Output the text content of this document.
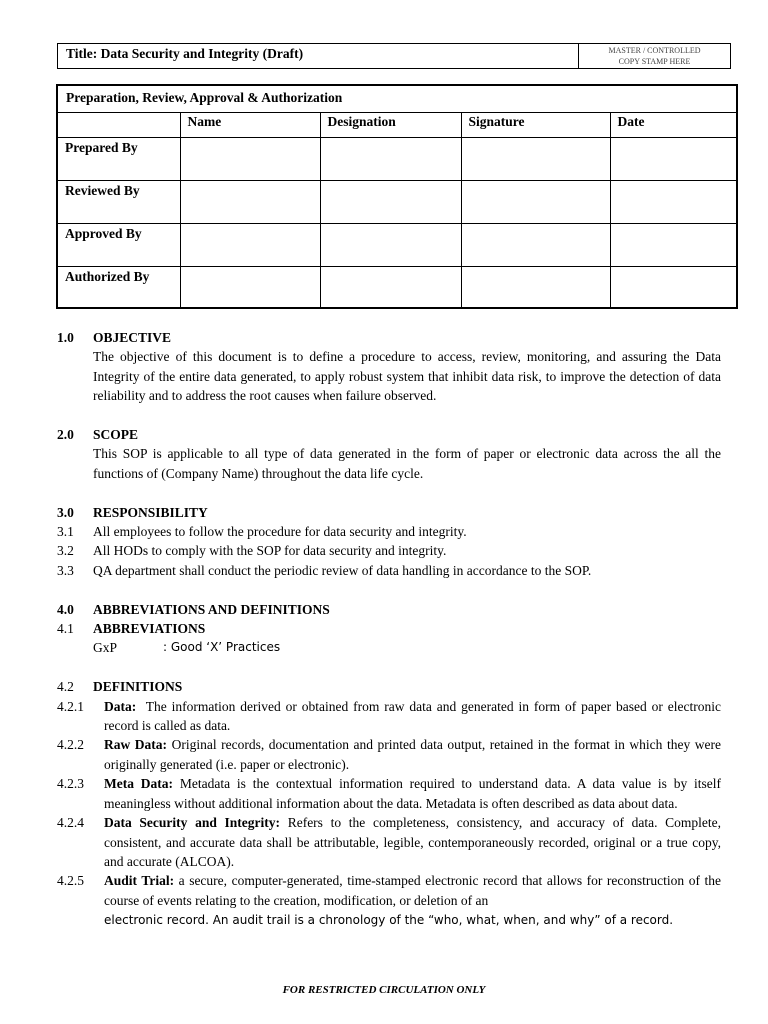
Title: Data Security and Integrity (Draft)	MASTER / CONTROLLED
COPY STAMP HERE
Preparation, Review, Approval & Authorization
	Name	Designation	Signature	Date
Prepared By				
Reviewed By				
Approved By				
Authorized By				
1.0	OBJECTIVE
The objective of this document is to define a procedure to access, review, monitoring, and assuring the Data Integrity of the entire data generated, to apply robust system that inhibit data risk, to improve the detection of data reliability and to address the root causes when failure observed.
2.0	SCOPE
This SOP is applicable to all type of data generated in the form of paper or electronic data across the all the functions of (Company Name) throughout the data life cycle.
3.0	RESPONSIBILITY
3.1	All employees to follow the procedure for data security and integrity.
3.2	All HODs to comply with the SOP for data security and integrity.
3.3	QA department shall conduct the periodic review of data handling in accordance to the SOP.
4.0	ABBREVIATIONS AND DEFINITIONS
4.1	ABBREVIATIONS
GxP	: Good ‘X’ Practices
4.2	DEFINITIONS
4.2.1	Data: The information derived or obtained from raw data and generated in form of paper based or electronic record is called as data.
4.2.2	Raw Data: Original records, documentation and printed data output, retained in the format in which they were originally generated (i.e. paper or electronic).
4.2.3	Meta Data: Metadata is the contextual information required to understand data. A data value is by itself meaningless without additional information about the data. Metadata is often described as data about data.
4.2.4	Data Security and Integrity: Refers to the completeness, consistency, and accuracy of data. Complete, consistent, and accurate data shall be attributable, legible, contemporaneously recorded, original or a true copy, and accurate (ALCOA).
4.2.5	Audit Trial: a secure, computer-generated, time-stamped electronic record that allows for reconstruction of the course of events relating to the creation, modification, or deletion of an
electronic record. An audit trail is a chronology of the “who, what, when, and why” of a record.
FOR RESTRICTED CIRCULATION ONLY
